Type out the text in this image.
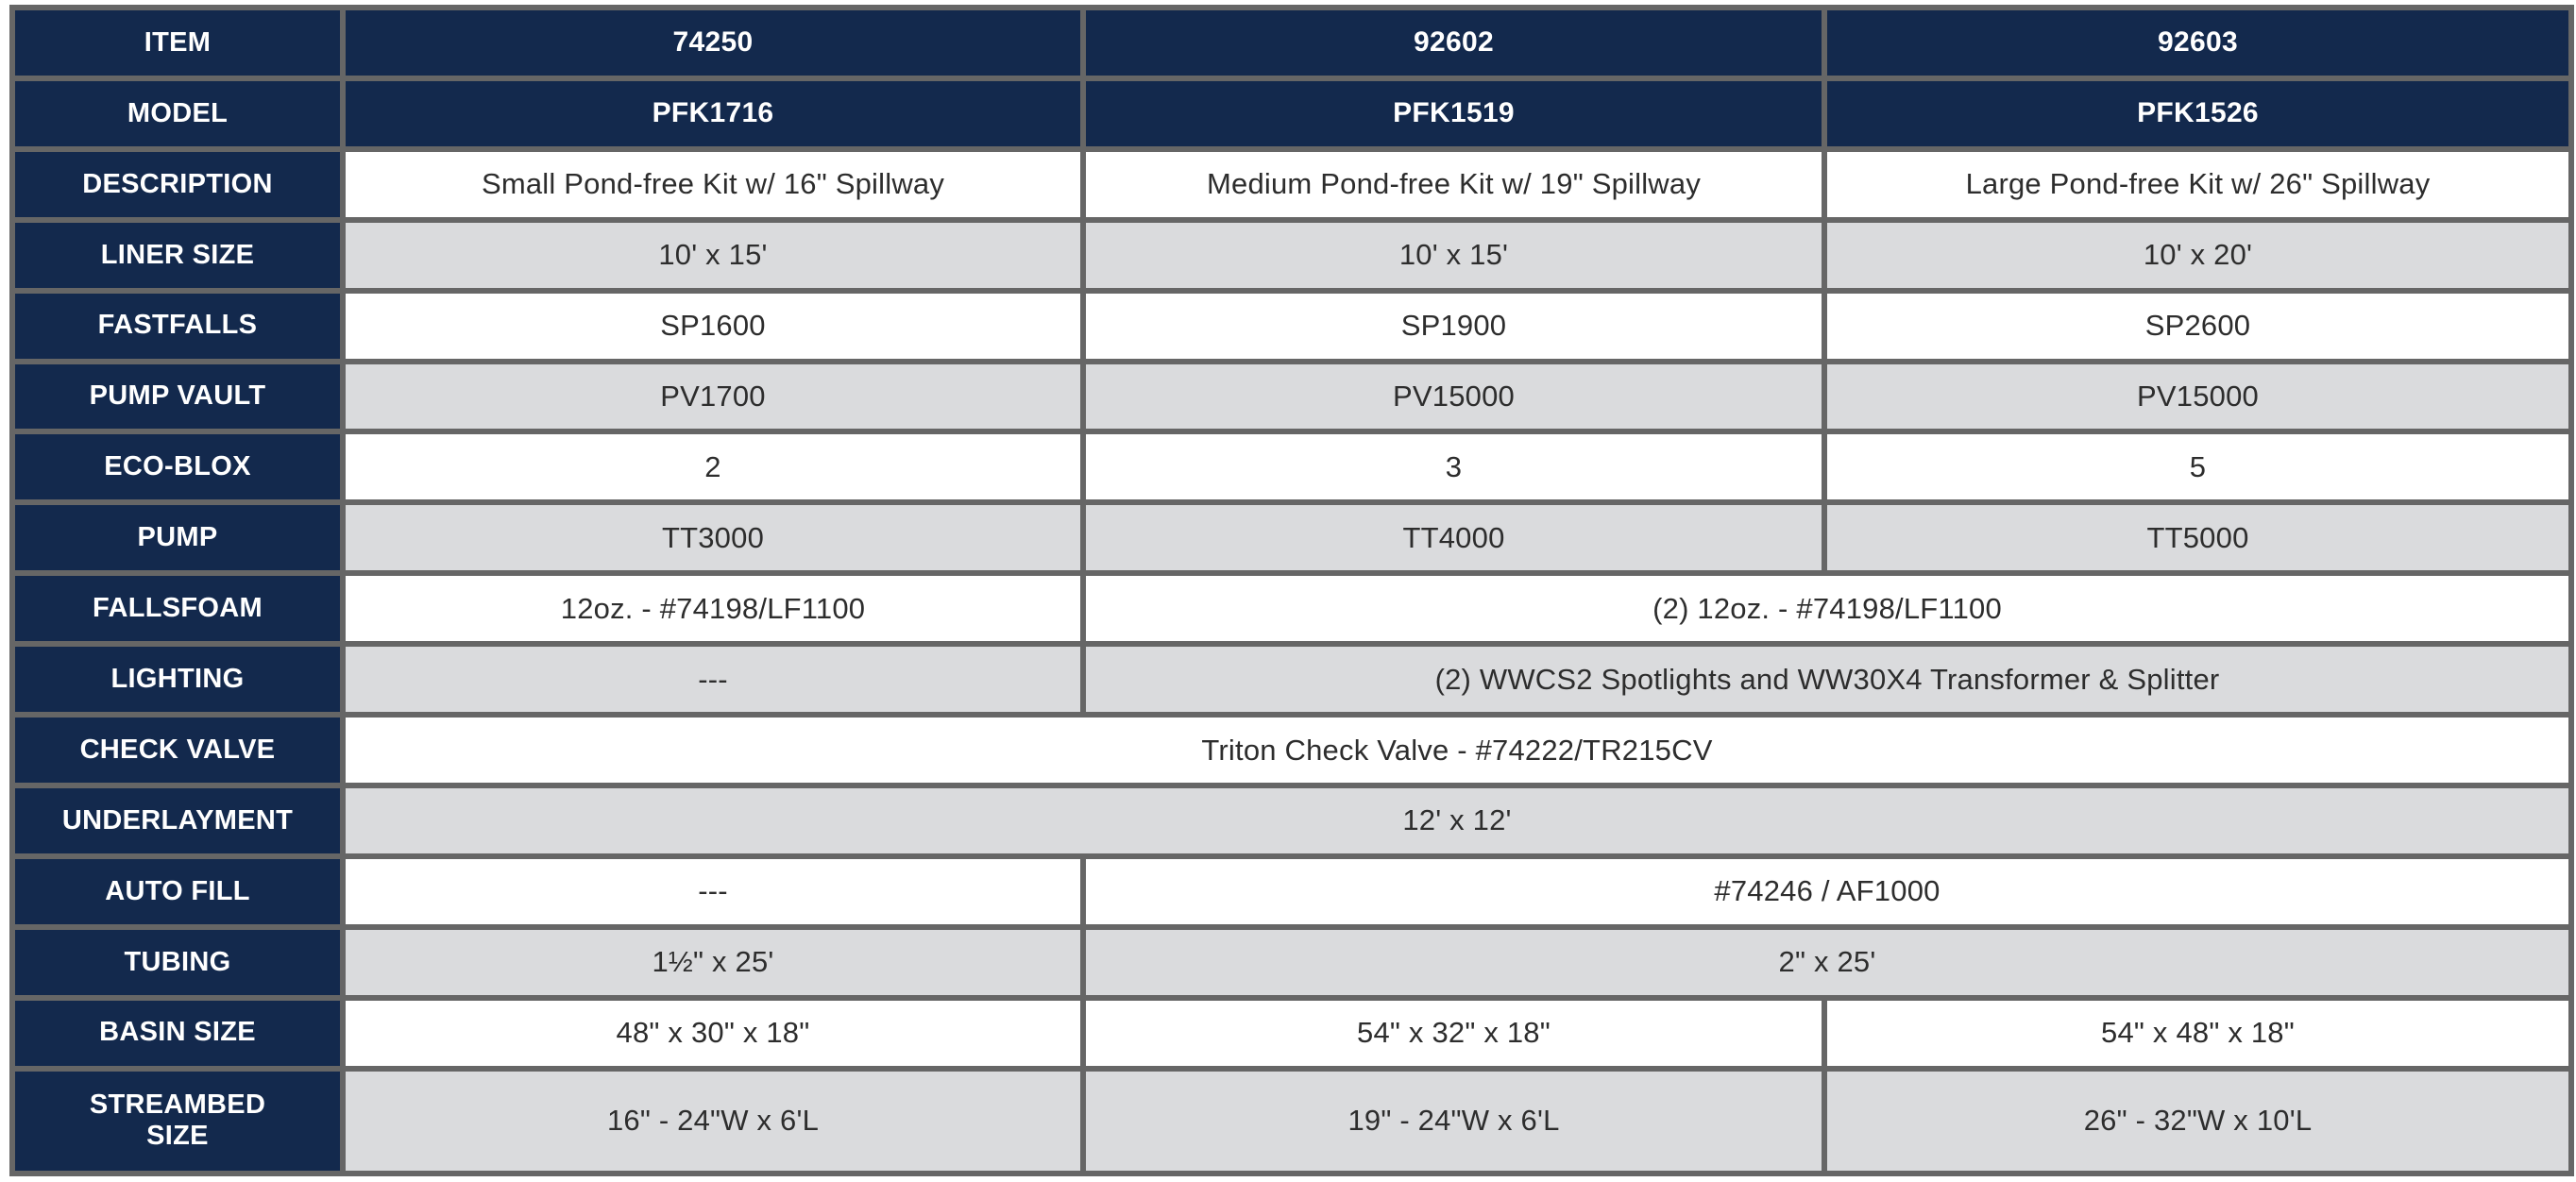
ITEM	74250	92602	92603
MODEL	PFK1716	PFK1519	PFK1526
DESCRIPTION	Small Pond-free Kit w/ 16" Spillway	Medium Pond-free Kit w/ 19" Spillway	Large Pond-free Kit w/ 26" Spillway
LINER SIZE	10' x 15'	10' x 15'	10' x 20'
FASTFALLS	SP1600	SP1900	SP2600
PUMP VAULT	PV1700	PV15000	PV15000
ECO-BLOX	2	3	5
PUMP	TT3000	TT4000	TT5000
FALLSFOAM	12oz. - #74198/LF1100	(2) 12oz. - #74198/LF1100	
LIGHTING	---	(2) WWCS2 Spotlights and WW30X4 Transformer & Splitter	
CHECK VALVE	Triton Check Valve - #74222/TR215CV		
UNDERLAYMENT	12' x 12'		
AUTO FILL	---	#74246 / AF1000	
TUBING	1½" x 25'	2" x 25'	
BASIN SIZE	48" x 30" x 18"	54" x 32" x 18"	54" x 48" x 18"
STREAMBED SIZE	16" - 24"W x 6'L	19" - 24"W x 6'L	26" - 32"W x 10'L
